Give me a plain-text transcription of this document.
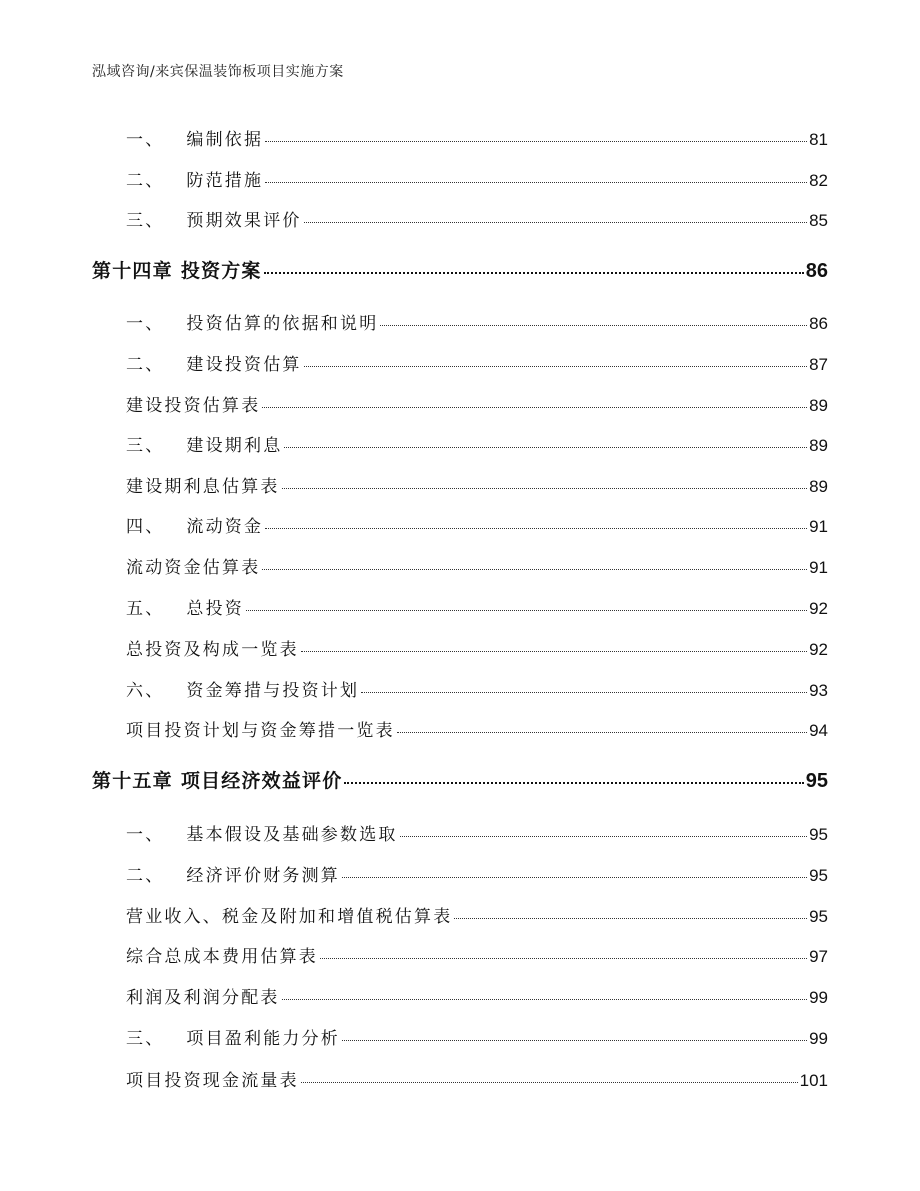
泓域咨询/来宾保温装饰板项目实施方案
一、 编制依据	81
二、 防范措施	82
三、 预期效果评价	85
第十四章 投资方案	86
一、 投资估算的依据和说明	86
二、 建设投资估算	87
建设投资估算表	89
三、 建设期利息	89
建设期利息估算表	89
四、 流动资金	91
流动资金估算表	91
五、 总投资	92
总投资及构成一览表	92
六、 资金筹措与投资计划	93
项目投资计划与资金筹措一览表	94
第十五章 项目经济效益评价	95
一、 基本假设及基础参数选取	95
二、 经济评价财务测算	95
营业收入、税金及附加和增值税估算表	95
综合总成本费用估算表	97
利润及利润分配表	99
三、 项目盈利能力分析	99
项目投资现金流量表	101
